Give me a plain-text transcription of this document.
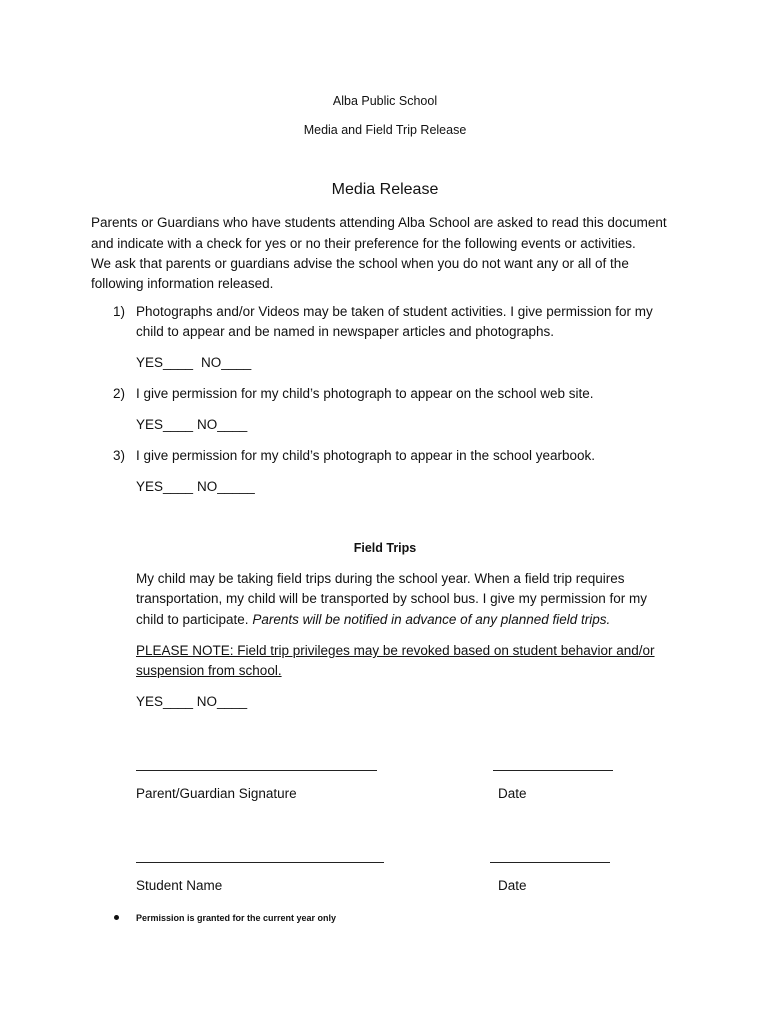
Alba Public School
Media and Field Trip Release
Media Release
Parents or Guardians who have students attending Alba School are asked to read this document
and indicate with a check for yes or no their preference for the following events or activities.
We ask that parents or guardians advise the school when you do not want any or all of the
following information released.
1) Photographs and/or Videos may be taken of student activities. I give permission for my
child to appear and be named in newspaper articles and photographs.
YES____ NO____
2) I give permission for my child’s photograph to appear on the school web site.
YES____ NO____
3) I give permission for my child’s photograph to appear in the school yearbook.
YES____ NO_____
Field Trips
My child may be taking field trips during the school year. When a field trip requires
transportation, my child will be transported by school bus. I give my permission for my
child to participate. Parents will be notified in advance of any planned field trips.
PLEASE NOTE: Field trip privileges may be revoked based on student behavior and/or
suspension from school.
YES____ NO____
Parent/Guardian Signature	Date
Student Name	Date
Permission is granted for the current year only
